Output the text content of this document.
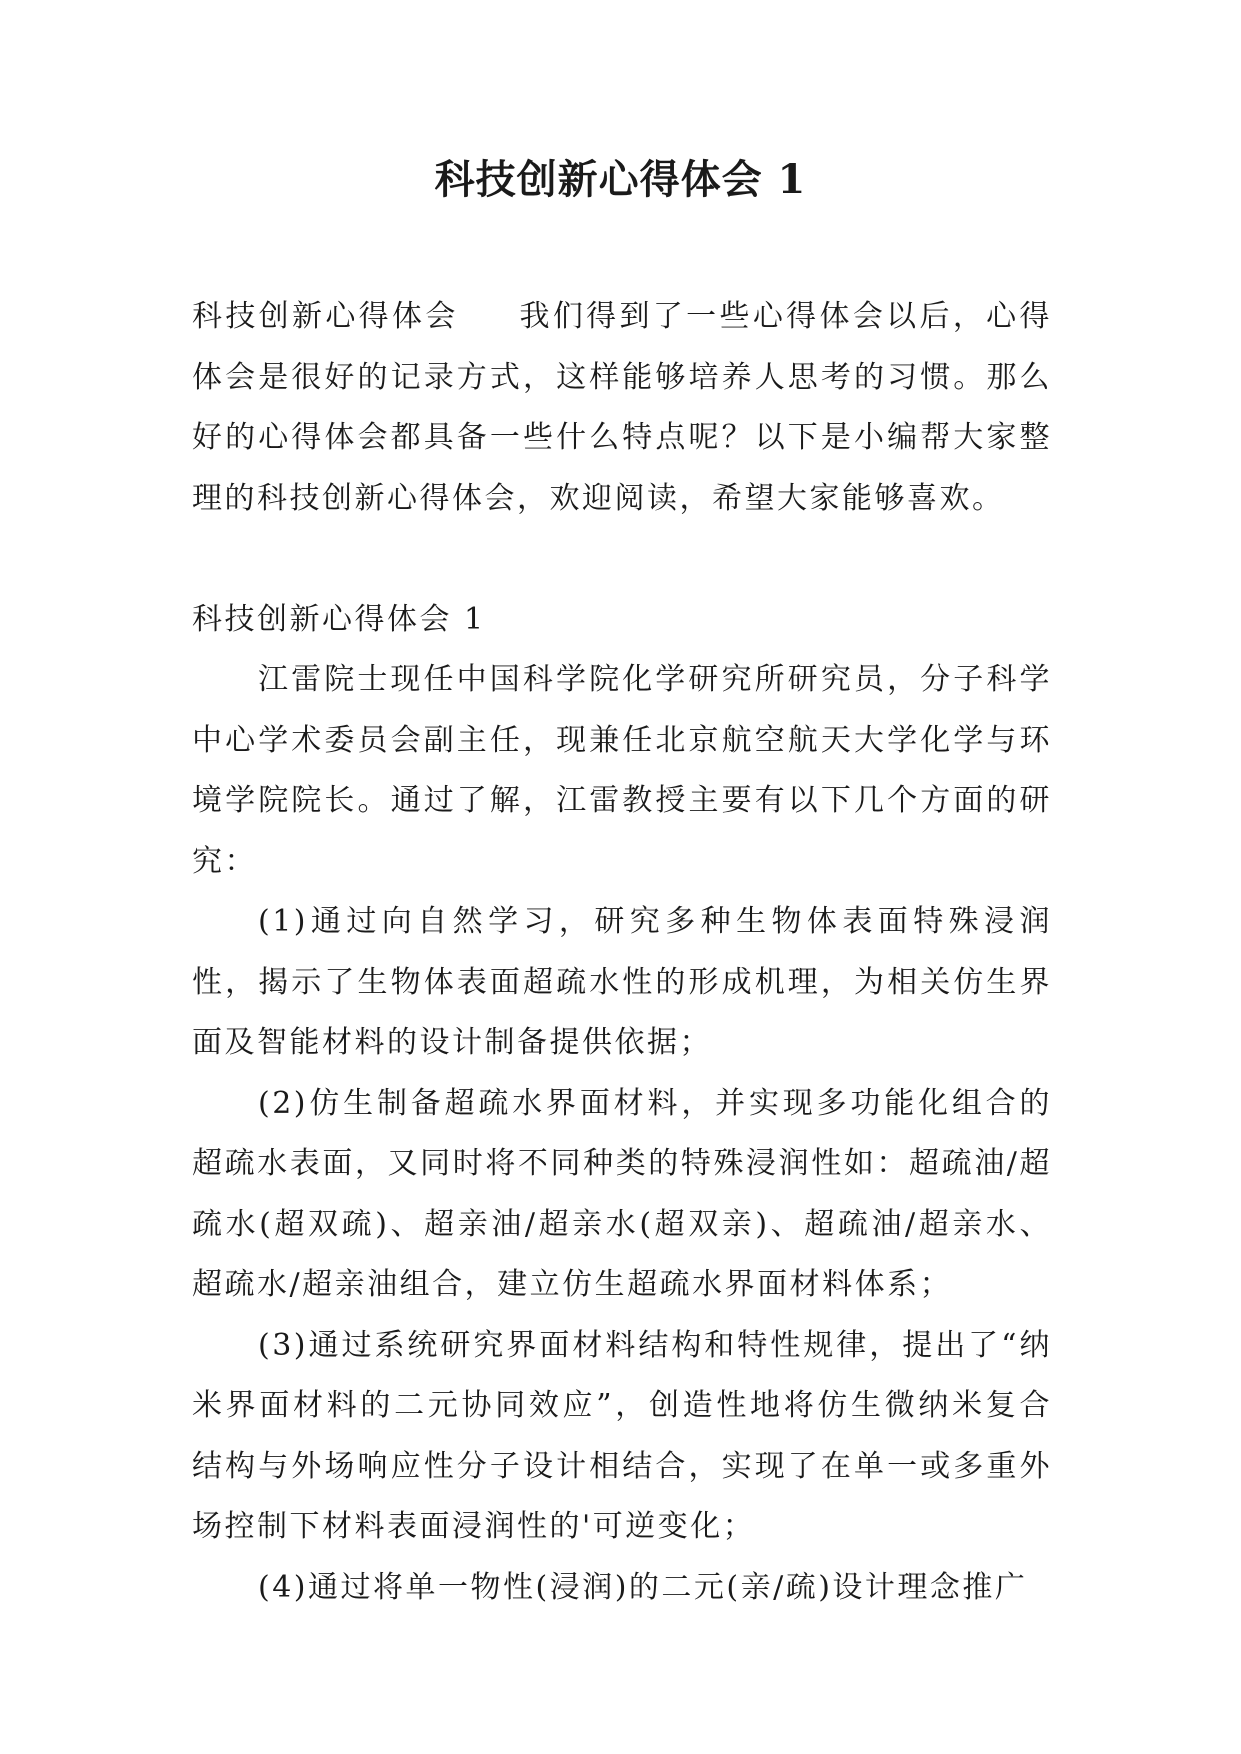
科技创新心得体会 1

科技创新心得体会 我们得到了一些心得体会以后，心得体会是很好的记录方式，这样能够培养人思考的习惯。那么好的心得体会都具备一些什么特点呢？以下是小编帮大家整理的科技创新心得体会，欢迎阅读，希望大家能够喜欢。

科技创新心得体会 1

江雷院士现任中国科学院化学研究所研究员，分子科学中心学术委员会副主任，现兼任北京航空航天大学化学与环境学院院长。通过了解，江雷教授主要有以下几个方面的研究：

(1)通过向自然学习，研究多种生物体表面特殊浸润性，揭示了生物体表面超疏水性的形成机理，为相关仿生界面及智能材料的设计制备提供依据；

(2)仿生制备超疏水界面材料，并实现多功能化组合的超疏水表面，又同时将不同种类的特殊浸润性如：超疏油/超疏水(超双疏)、超亲油/超亲水(超双亲)、超疏油/超亲水、超疏水/超亲油组合，建立仿生超疏水界面材料体系；

(3)通过系统研究界面材料结构和特性规律，提出了“纳米界面材料的二元协同效应”，创造性地将仿生微纳米复合结构与外场响应性分子设计相结合，实现了在单一或多重外场控制下材料表面浸润性的'可逆变化；

(4)通过将单一物性(浸润)的二元(亲/疏)设计理念推广
